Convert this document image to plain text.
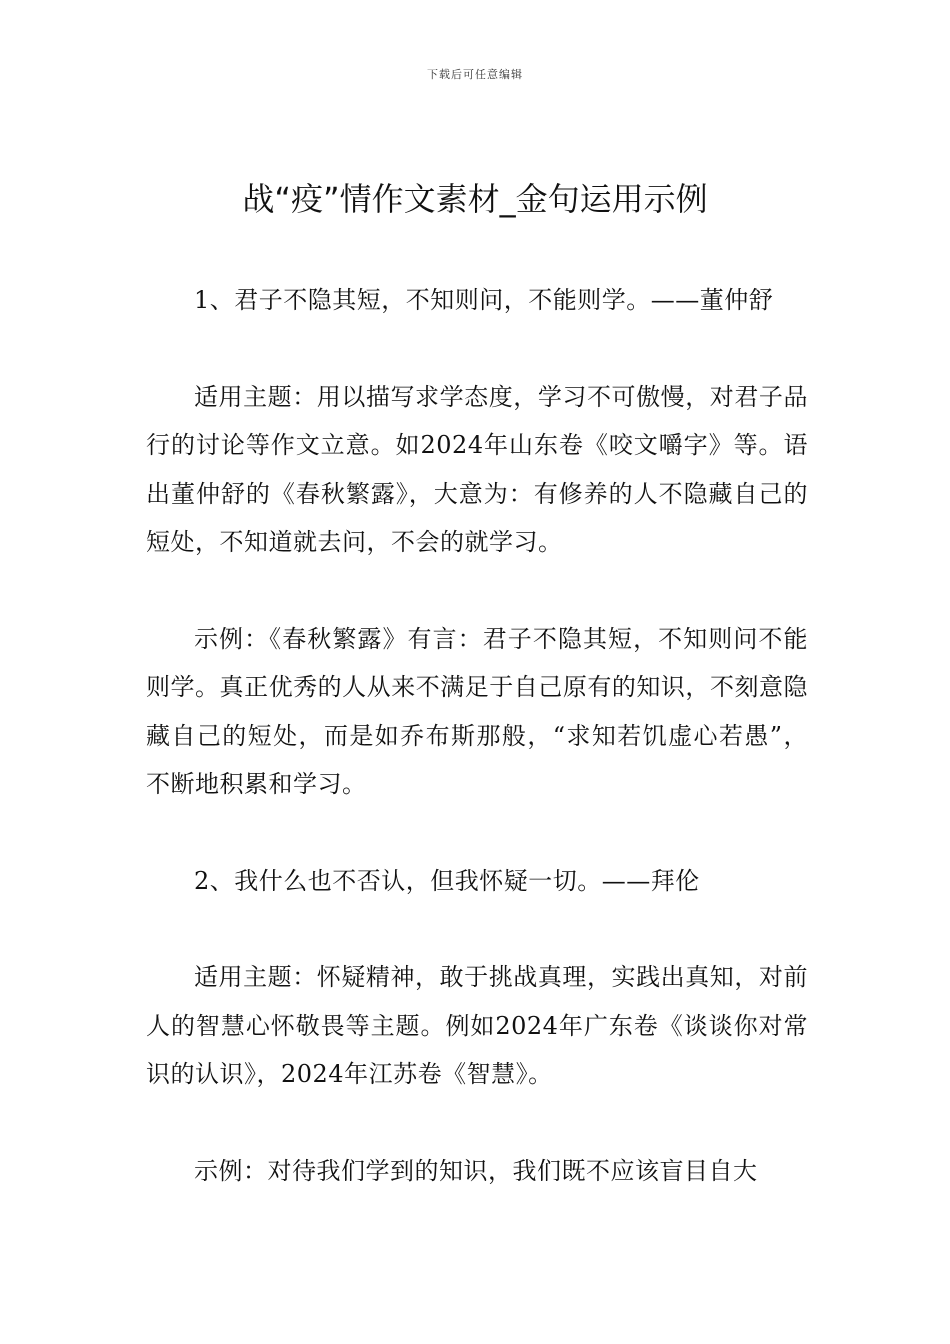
下载后可任意编辑
战“疫”情作文素材_金句运用示例

1、君子不隐其短，不知则问，不能则学。——董仲舒

适用主题：用以描写求学态度，学习不可傲慢，对君子品行的讨论等作文立意。如2024年山东卷《咬文嚼字》等。语出董仲舒的《春秋繁露》，大意为：有修养的人不隐藏自己的短处，不知道就去问，不会的就学习。

示例：《春秋繁露》有言：君子不隐其短，不知则问不能则学。真正优秀的人从来不满足于自己原有的知识，不刻意隐藏自己的短处，而是如乔布斯那般，“求知若饥虚心若愚”，不断地积累和学习。

2、我什么也不否认，但我怀疑一切。——拜伦

适用主题：怀疑精神，敢于挑战真理，实践出真知，对前人的智慧心怀敬畏等主题。例如2024年广东卷《谈谈你对常识的认识》，2024年江苏卷《智慧》。

示例：对待我们学到的知识，我们既不应该盲目自大
